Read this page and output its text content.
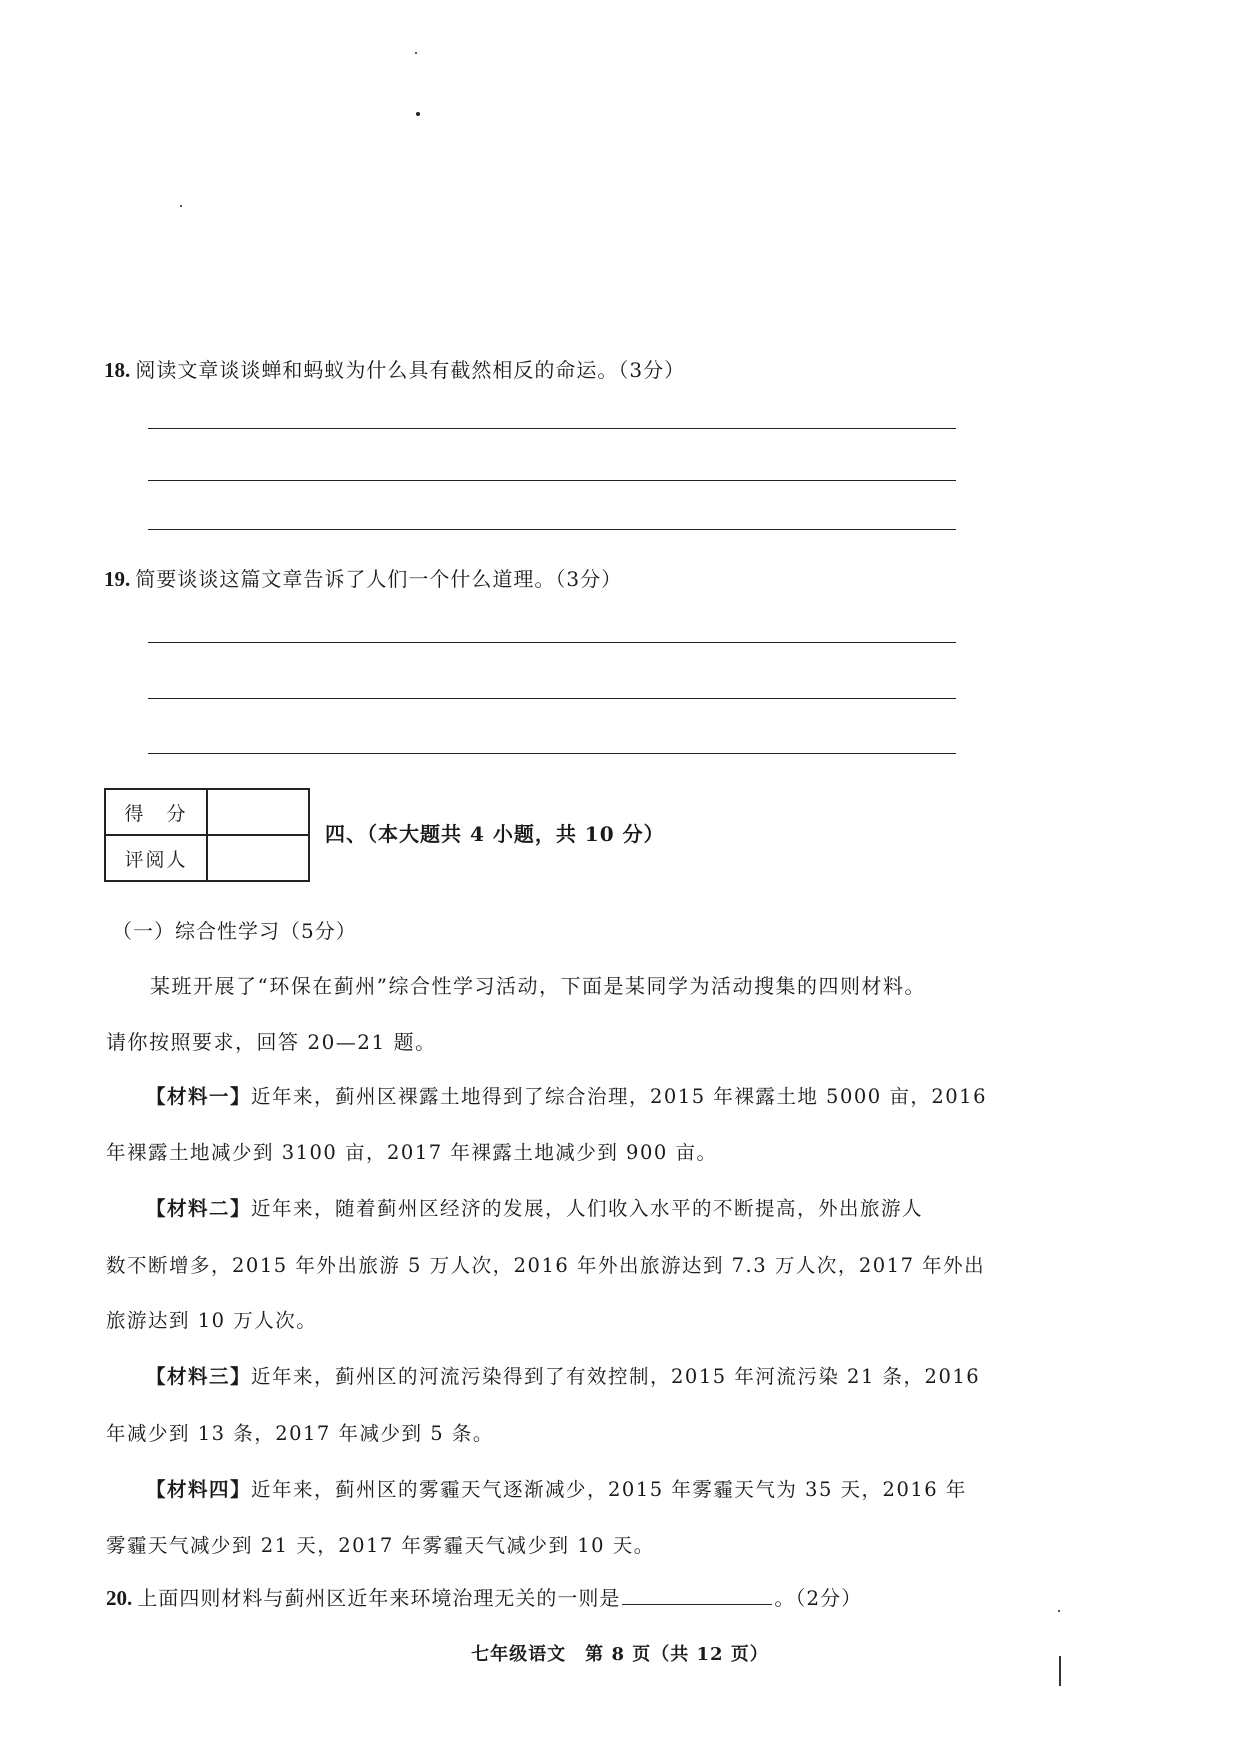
18. 阅读文章谈谈蝉和蚂蚁为什么具有截然相反的命运。（3分）
19. 简要谈谈这篇文章告诉了人们一个什么道理。（3分）
得　分	
评阅人	
四、（本大题共 4 小题，共 10 分）
（一）综合性学习（5分）
某班开展了“环保在蓟州”综合性学习活动，下面是某同学为活动搜集的四则材料。
请你按照要求，回答 20—21 题。
【材料一】近年来，蓟州区裸露土地得到了综合治理，2015 年裸露土地 5000 亩，2016
年裸露土地减少到 3100 亩，2017 年裸露土地减少到 900 亩。
【材料二】近年来，随着蓟州区经济的发展，人们收入水平的不断提高，外出旅游人
数不断增多，2015 年外出旅游 5 万人次，2016 年外出旅游达到 7.3 万人次，2017 年外出
旅游达到 10 万人次。
【材料三】近年来，蓟州区的河流污染得到了有效控制，2015 年河流污染 21 条，2016
年减少到 13 条，2017 年减少到 5 条。
【材料四】近年来，蓟州区的雾霾天气逐渐减少，2015 年雾霾天气为 35 天，2016 年
雾霾天气减少到 21 天，2017 年雾霾天气减少到 10 天。
20. 上面四则材料与蓟州区近年来环境治理无关的一则是	。（2分）
七年级语文　第 8 页（共 12 页）
